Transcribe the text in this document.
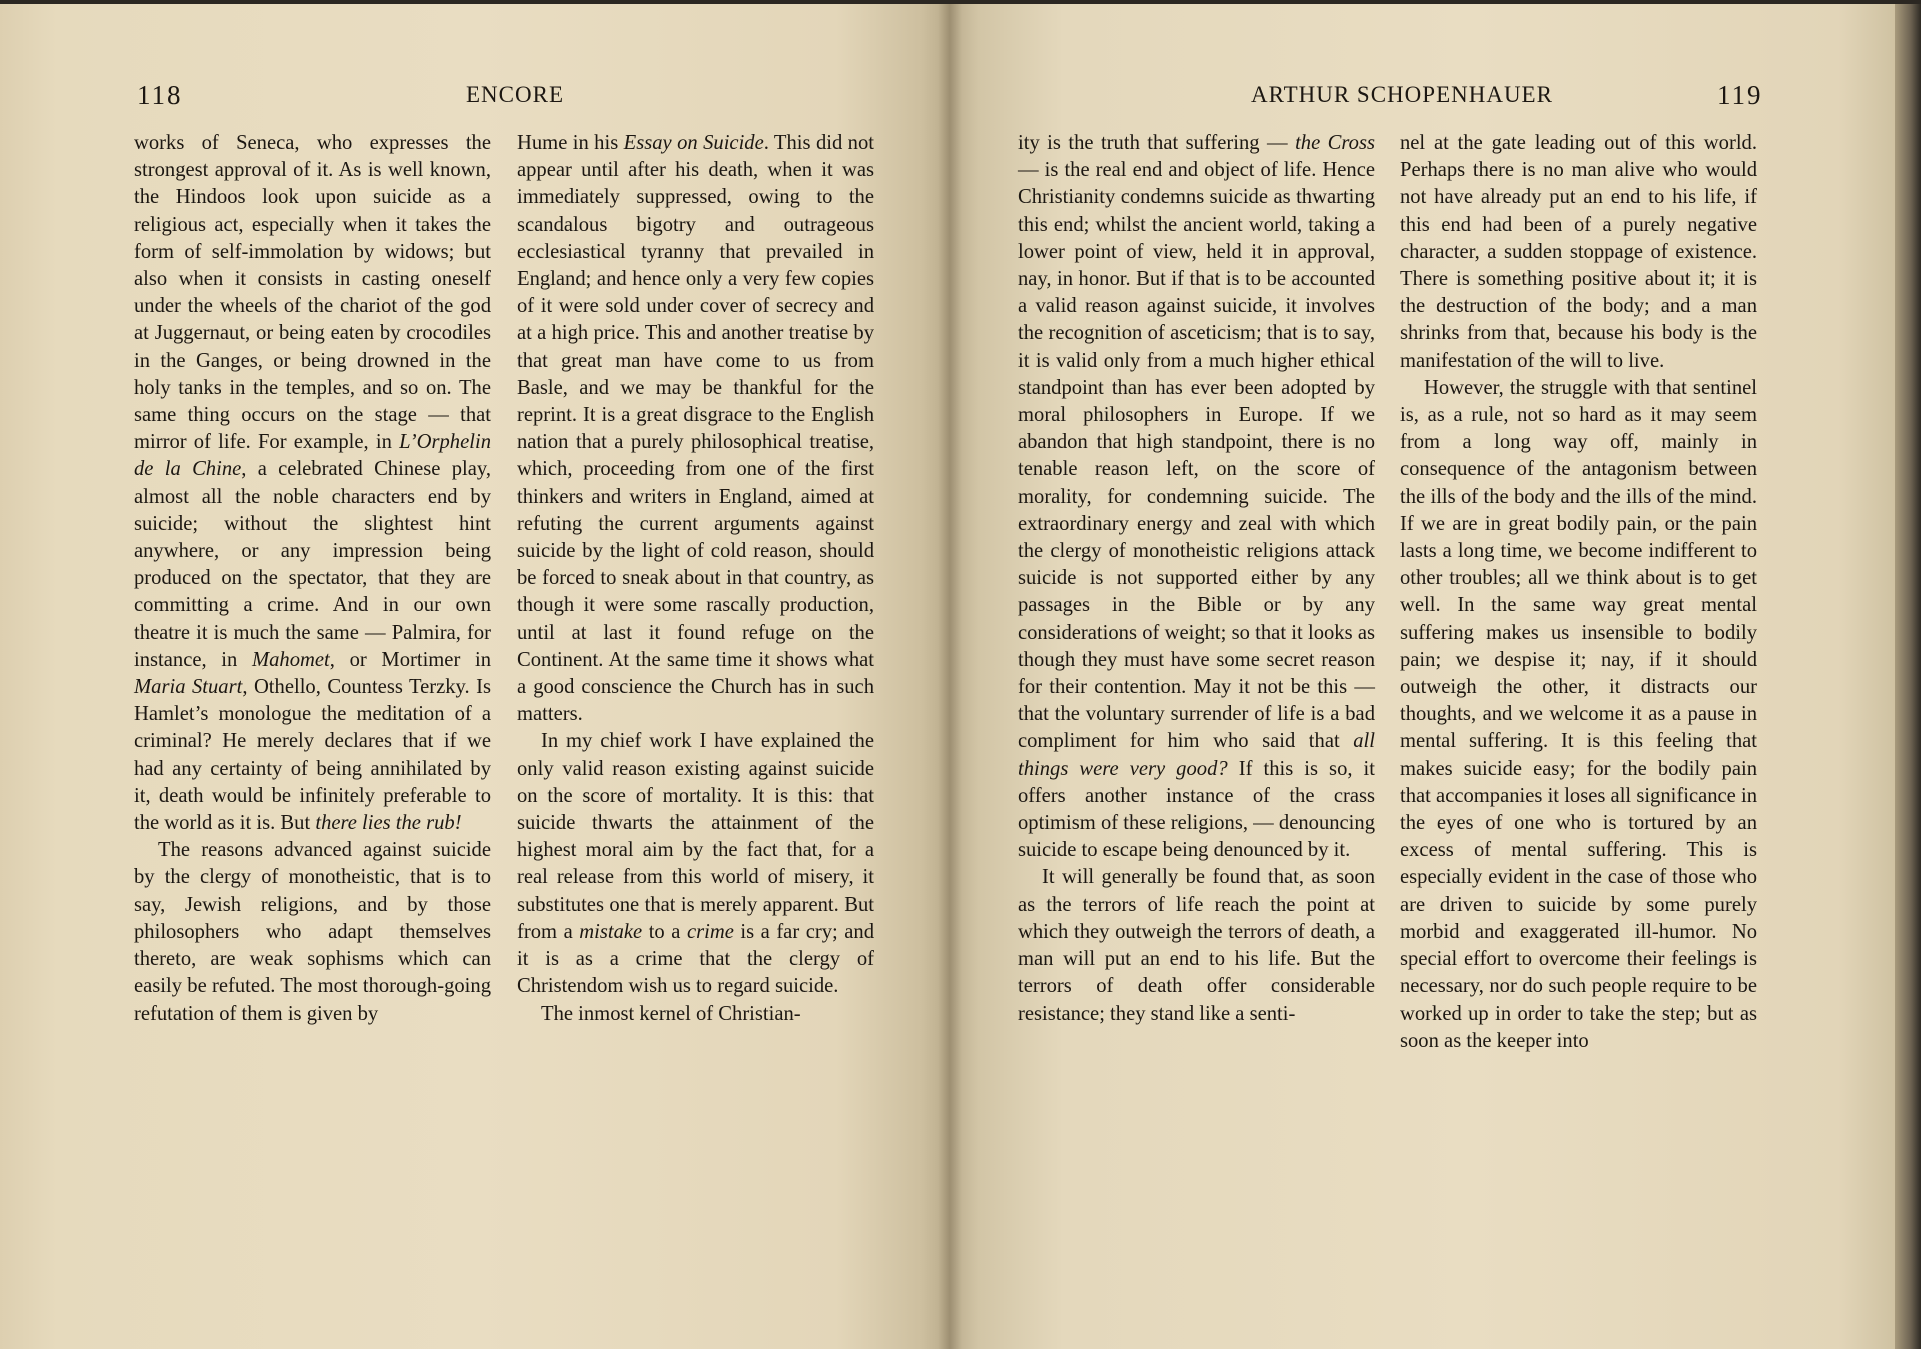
118	ENCORE

works of Seneca, who expresses the strongest approval of it. As is well known, the Hindoos look upon suicide as a religious act, especially when it takes the form of self-immolation by widows; but also when it consists in casting oneself under the wheels of the chariot of the god at Juggernaut, or being eaten by crocodiles in the Ganges, or being drowned in the holy tanks in the temples, and so on. The same thing occurs on the stage — that mirror of life. For example, in L’Orphelin de la Chine, a celebrated Chinese play, almost all the noble characters end by suicide; without the slightest hint anywhere, or any impression being produced on the spectator, that they are committing a crime. And in our own theatre it is much the same — Palmira, for instance, in Mahomet, or Mortimer in Maria Stuart, Othello, Countess Terzky. Is Hamlet’s monologue the meditation of a criminal? He merely declares that if we had any certainty of being annihilated by it, death would be infinitely preferable to the world as it is. But there lies the rub!

The reasons advanced against suicide by the clergy of monotheistic, that is to say, Jewish religions, and by those philosophers who adapt themselves thereto, are weak sophisms which can easily be refuted. The most thorough-going refutation of them is given by

Hume in his Essay on Suicide. This did not appear until after his death, when it was immediately suppressed, owing to the scandalous bigotry and outrageous ecclesiastical tyranny that prevailed in England; and hence only a very few copies of it were sold under cover of secrecy and at a high price. This and another treatise by that great man have come to us from Basle, and we may be thankful for the reprint. It is a great disgrace to the English nation that a purely philosophical treatise, which, proceeding from one of the first thinkers and writers in England, aimed at refuting the current arguments against suicide by the light of cold reason, should be forced to sneak about in that country, as though it were some rascally production, until at last it found refuge on the Continent. At the same time it shows what a good conscience the Church has in such matters.

In my chief work I have explained the only valid reason existing against suicide on the score of mortality. It is this: that suicide thwarts the attainment of the highest moral aim by the fact that, for a real release from this world of misery, it substitutes one that is merely apparent. But from a mistake to a crime is a far cry; and it is as a crime that the clergy of Christendom wish us to regard suicide.

The inmost kernel of Christian-

ARTHUR SCHOPENHAUER	119

ity is the truth that suffering — the Cross — is the real end and object of life. Hence Christianity condemns suicide as thwarting this end; whilst the ancient world, taking a lower point of view, held it in approval, nay, in honor. But if that is to be accounted a valid reason against suicide, it involves the recognition of asceticism; that is to say, it is valid only from a much higher ethical standpoint than has ever been adopted by moral philosophers in Europe. If we abandon that high standpoint, there is no tenable reason left, on the score of morality, for condemning suicide. The extraordinary energy and zeal with which the clergy of monotheistic religions attack suicide is not supported either by any passages in the Bible or by any considerations of weight; so that it looks as though they must have some secret reason for their contention. May it not be this — that the voluntary surrender of life is a bad compliment for him who said that all things were very good? If this is so, it offers another instance of the crass optimism of these religions, — denouncing suicide to escape being denounced by it.

It will generally be found that, as soon as the terrors of life reach the point at which they outweigh the terrors of death, a man will put an end to his life. But the terrors of death offer considerable resistance; they stand like a senti-

nel at the gate leading out of this world. Perhaps there is no man alive who would not have already put an end to his life, if this end had been of a purely negative character, a sudden stoppage of existence. There is something positive about it; it is the destruction of the body; and a man shrinks from that, because his body is the manifestation of the will to live.

However, the struggle with that sentinel is, as a rule, not so hard as it may seem from a long way off, mainly in consequence of the antagonism between the ills of the body and the ills of the mind. If we are in great bodily pain, or the pain lasts a long time, we become indifferent to other troubles; all we think about is to get well. In the same way great mental suffering makes us insensible to bodily pain; we despise it; nay, if it should outweigh the other, it distracts our thoughts, and we welcome it as a pause in mental suffering. It is this feeling that makes suicide easy; for the bodily pain that accompanies it loses all significance in the eyes of one who is tortured by an excess of mental suffering. This is especially evident in the case of those who are driven to suicide by some purely morbid and exaggerated ill-humor. No special effort to overcome their feelings is necessary, nor do such people require to be worked up in order to take the step; but as soon as the keeper into
